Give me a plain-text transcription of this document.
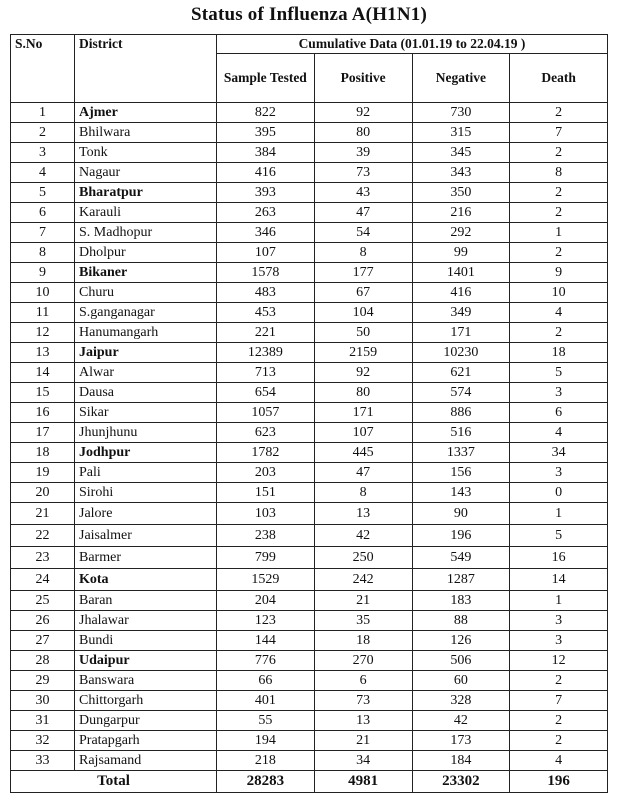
Status of Influenza A(H1N1)
S.No	District	Cumulative Data (01.01.19 to 22.04.19 )			
		Sample Tested	Positive	Negative	Death
1	Ajmer	822	92	730	2
2	Bhilwara	395	80	315	7
3	Tonk	384	39	345	2
4	Nagaur	416	73	343	8
5	Bharatpur	393	43	350	2
6	Karauli	263	47	216	2
7	S. Madhopur	346	54	292	1
8	Dholpur	107	8	99	2
9	Bikaner	1578	177	1401	9
10	Churu	483	67	416	10
11	S.ganganagar	453	104	349	4
12	Hanumangarh	221	50	171	2
13	Jaipur	12389	2159	10230	18
14	Alwar	713	92	621	5
15	Dausa	654	80	574	3
16	Sikar	1057	171	886	6
17	Jhunjhunu	623	107	516	4
18	Jodhpur	1782	445	1337	34
19	Pali	203	47	156	3
20	Sirohi	151	8	143	0
21	Jalore	103	13	90	1
22	Jaisalmer	238	42	196	5
23	Barmer	799	250	549	16
24	Kota	1529	242	1287	14
25	Baran	204	21	183	1
26	Jhalawar	123	35	88	3
27	Bundi	144	18	126	3
28	Udaipur	776	270	506	12
29	Banswara	66	6	60	2
30	Chittorgarh	401	73	328	7
31	Dungarpur	55	13	42	2
32	Pratapgarh	194	21	173	2
33	Rajsamand	218	34	184	4
Total		28283	4981	23302	196
